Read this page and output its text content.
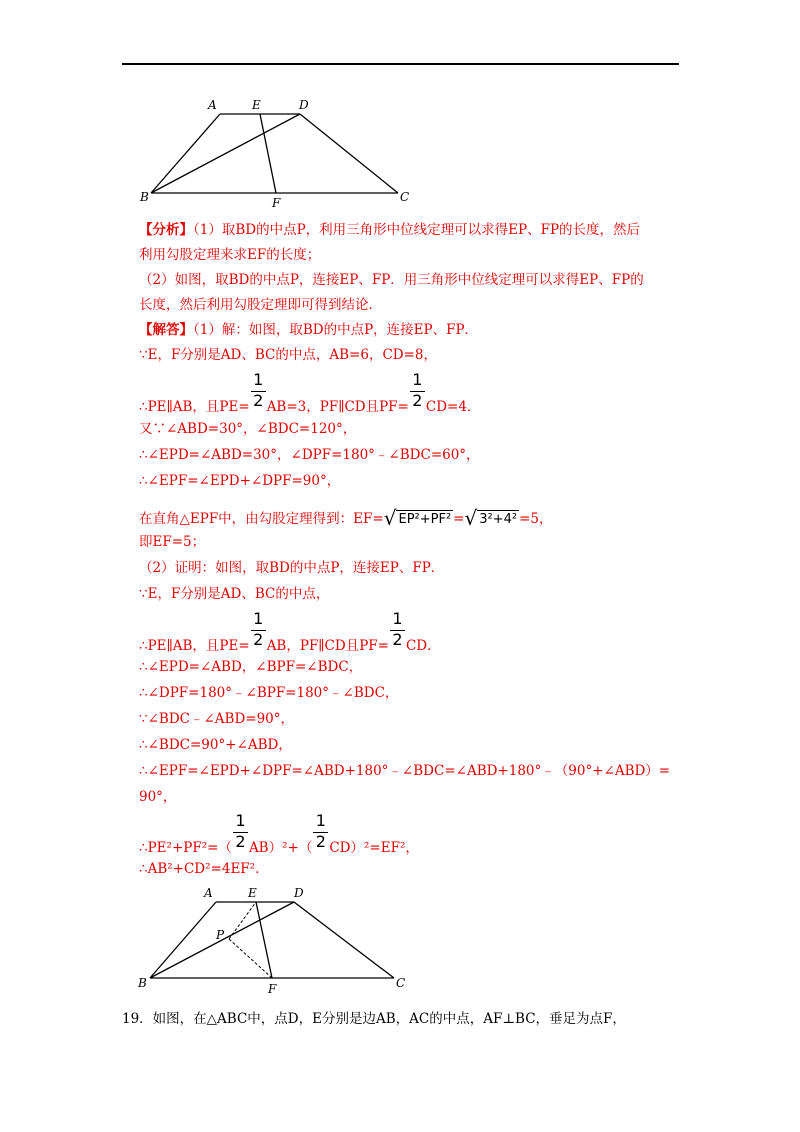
A	E	D
B	F	C
【分析】（1）取BD的中点P，利用三角形中位线定理可以求得EP、FP的长度，然后
利用勾股定理来求EF的长度；
（2）如图，取BD的中点P，连接EP、FP．用三角形中位线定理可以求得EP、FP的
长度，然后利用勾股定理即可得到结论．
【解答】（1）解：如图，取BD的中点P，连接EP、FP．
∵E，F分别是AD、BC的中点，AB=6，CD=8，
∴PE∥AB，且$PE= \frac{1}{2} AB=3$，PF∥CD且$PF= \frac{1}{2} CD=4$．
又∵∠ABD=30°，∠BDC=120°，
∴∠EPD=∠ABD=30°，∠DPF=180°﹣∠BDC=60°，
∴∠EPF=∠EPD+∠DPF=90°，
在直角△EPF中，由勾股定理得到：EF=√ EP²+PF² =√ 3²+4² =5，
即EF=5；
（2）证明：如图，取BD的中点P，连接EP、FP．
∵E，F分别是AD、BC的中点，
∴PE∥AB，且$PE= \frac{1}{2}$ AB，PF∥CD且$PF= \frac{1}{2}$ CD．
∴∠EPD=∠ABD，∠BPF=∠BDC，
∴∠DPF=180°﹣∠BPF=180°﹣∠BDC，
∵∠BDC﹣∠ABD=90°，
∴∠BDC=90°+∠ABD，
∴∠EPF=∠EPD+∠DPF=∠ABD+180°﹣∠BDC=∠ABD+180°﹣（90°+∠ABD）=
90°，
∴PE²+PF²=（ $\frac{1}{2} AB)^2+( \frac{1}{2} CD)^2=EF^2$，
∴AB²+CD²=4EF²．
A	E	D
P
B	F	C
19．如图，在△ABC中，点D，E分别是边AB，AC的中点，AF⊥BC，垂足为点F，
